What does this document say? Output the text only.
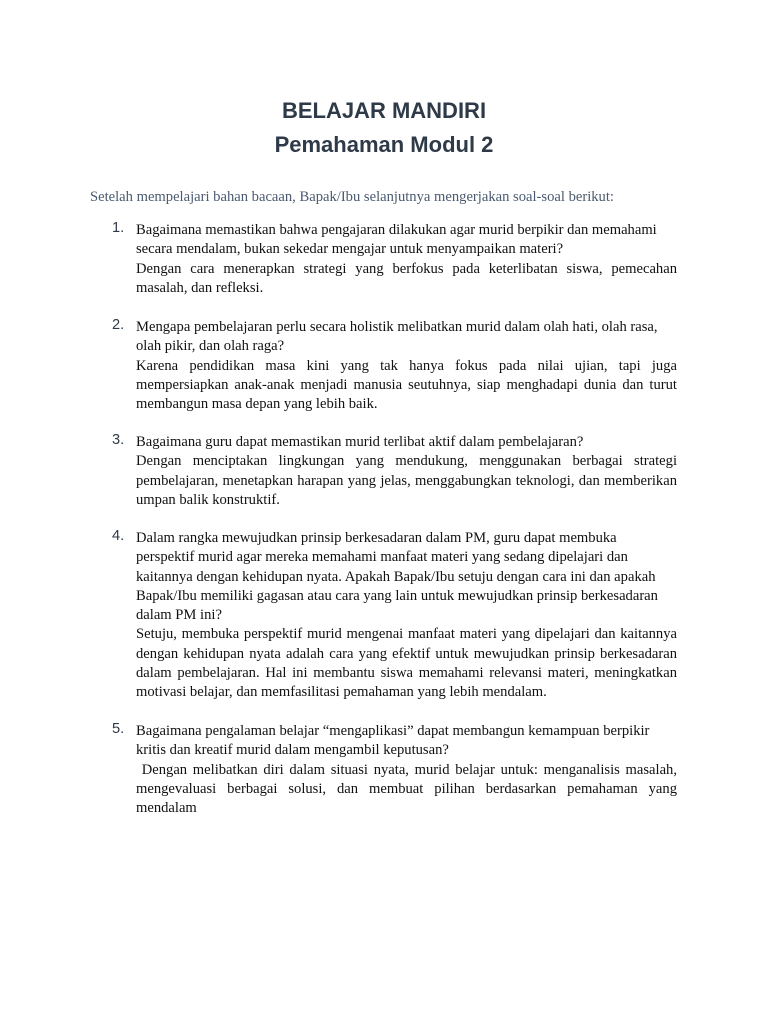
BELAJAR MANDIRI
Pemahaman Modul 2

Setelah mempelajari bahan bacaan, Bapak/Ibu selanjutnya mengerjakan soal-soal berikut:

1. Bagaimana memastikan bahwa pengajaran dilakukan agar murid berpikir dan memahami secara mendalam, bukan sekedar mengajar untuk menyampaikan materi?
Dengan cara menerapkan strategi yang berfokus pada keterlibatan siswa, pemecahan masalah, dan refleksi.
2. Mengapa pembelajaran perlu secara holistik melibatkan murid dalam olah hati, olah rasa, olah pikir, dan olah raga?
Karena pendidikan masa kini yang tak hanya fokus pada nilai ujian, tapi juga mempersiapkan anak-anak menjadi manusia seutuhnya, siap menghadapi dunia dan turut membangun masa depan yang lebih baik.
3. Bagaimana guru dapat memastikan murid terlibat aktif dalam pembelajaran?
Dengan menciptakan lingkungan yang mendukung, menggunakan berbagai strategi pembelajaran, menetapkan harapan yang jelas, menggabungkan teknologi, dan memberikan umpan balik konstruktif.
4. Dalam rangka mewujudkan prinsip berkesadaran dalam PM, guru dapat membuka perspektif murid agar mereka memahami manfaat materi yang sedang dipelajari dan kaitannya dengan kehidupan nyata. Apakah Bapak/Ibu setuju dengan cara ini dan apakah Bapak/Ibu memiliki gagasan atau cara yang lain untuk mewujudkan prinsip berkesadaran dalam PM ini?
Setuju, membuka perspektif murid mengenai manfaat materi yang dipelajari dan kaitannya dengan kehidupan nyata adalah cara yang efektif untuk mewujudkan prinsip berkesadaran dalam pembelajaran. Hal ini membantu siswa memahami relevansi materi, meningkatkan motivasi belajar, dan memfasilitasi pemahaman yang lebih mendalam.
5. Bagaimana pengalaman belajar “mengaplikasi” dapat membangun kemampuan berpikir kritis dan kreatif murid dalam mengambil keputusan?
Dengan melibatkan diri dalam situasi nyata, murid belajar untuk: menganalisis masalah, mengevaluasi berbagai solusi, dan membuat pilihan berdasarkan pemahaman yang mendalam
